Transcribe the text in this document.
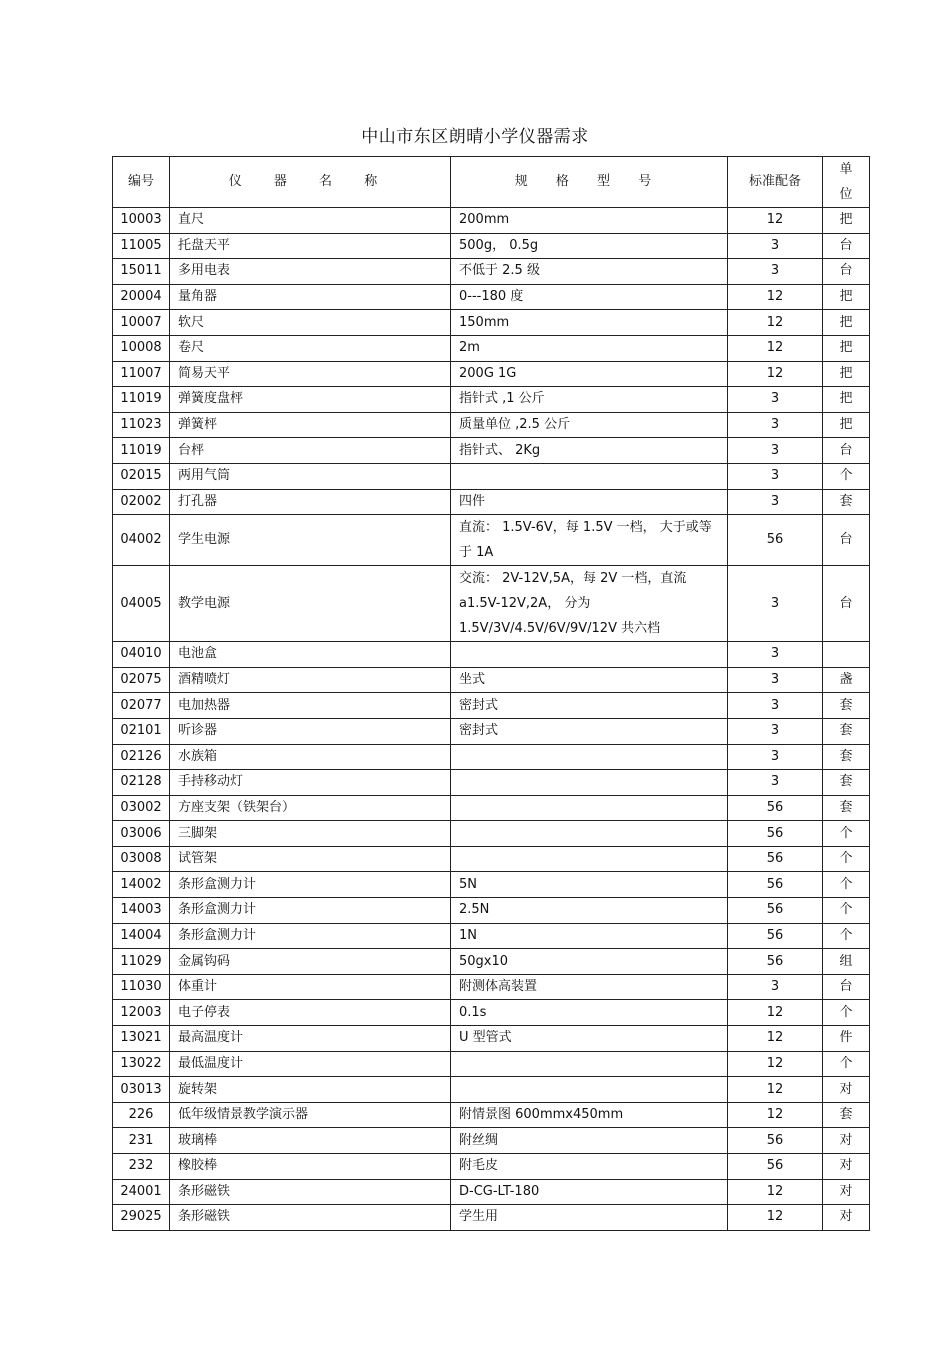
中山市东区朗晴小学仪器需求
编号	仪 器 名 称	规 格 型 号	标准配备	单位
10003	直尺	200mm	12	把
11005	托盘天平	500g， 0.5g	3	台
15011	多用电表	不低于 2.5 级	3	台
20004	量角器	0---180 度	12	把
10007	软尺	150mm	12	把
10008	卷尺	2m	12	把
11007	简易天平	200G 1G	12	把
11019	弹簧度盘枰	指针式 ,1 公斤	3	把
11023	弹簧枰	质量单位 ,2.5 公斤	3	把
11019	台枰	指针式、 2Kg	3	台
02015	两用气筒		3	个
02002	打孔器	四件	3	套
04002	学生电源	直流： 1.5V-6V，每 1.5V 一档， 大于或等于 1A	56	台
04005	教学电源	交流： 2V-12V,5A，每 2V 一档，直流 a1.5V-12V,2A， 分为 1.5V/3V/4.5V/6V/9V/12V 共六档	3	台
04010	电池盒		3	
02075	酒精喷灯	坐式	3	盏
02077	电加热器	密封式	3	套
02101	听诊器	密封式	3	套
02126	水族箱		3	套
02128	手持移动灯		3	套
03002	方座支架（铁架台）		56	套
03006	三脚架		56	个
03008	试管架		56	个
14002	条形盒测力计	5N	56	个
14003	条形盒测力计	2.5N	56	个
14004	条形盒测力计	1N	56	个
11029	金属钩码	50gx10	56	组
11030	体重计	附测体高装置	3	台
12003	电子停表	0.1s	12	个
13021	最高温度计	U 型管式	12	件
13022	最低温度计		12	个
03013	旋转架		12	对
226	低年级情景教学演示器	附情景图 600mmx450mm	12	套
231	玻璃棒	附丝绸	56	对
232	橡胶棒	附毛皮	56	对
24001	条形磁铁	D-CG-LT-180	12	对
29025	条形磁铁	学生用	12	对
